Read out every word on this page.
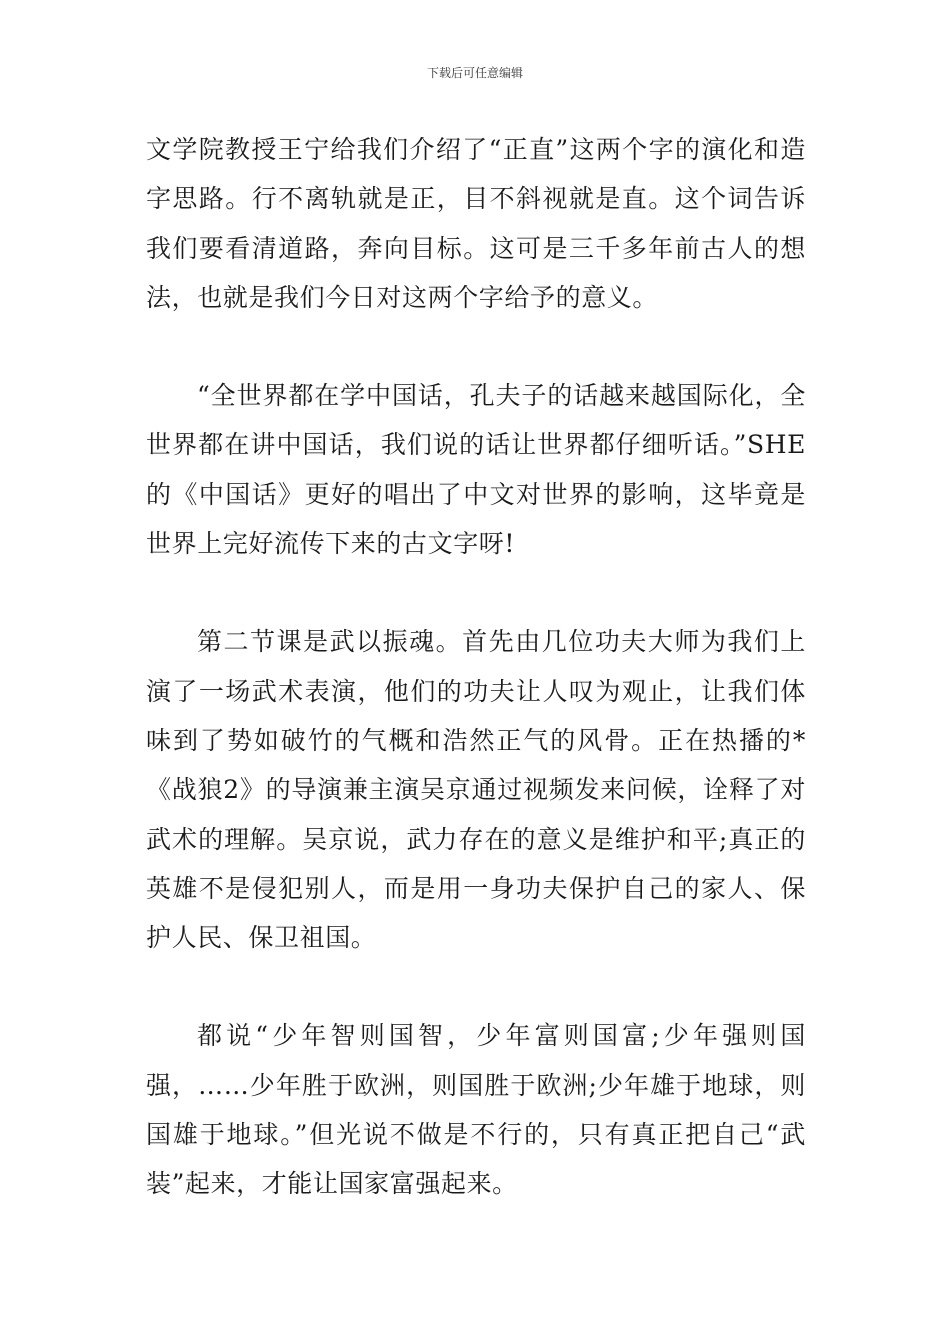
下载后可任意编辑

文学院教授王宁给我们介绍了“正直”这两个字的演化和造字思路。行不离轨就是正，目不斜视就是直。这个词告诉我们要看清道路，奔向目标。这可是三千多年前古人的想法，也就是我们今日对这两个字给予的意义。

“全世界都在学中国话，孔夫子的话越来越国际化，全世界都在讲中国话，我们说的话让世界都仔细听话。”SHE的《中国话》更好的唱出了中文对世界的影响，这毕竟是世界上完好流传下来的古文字呀!

第二节课是武以振魂。首先由几位功夫大师为我们上演了一场武术表演，他们的功夫让人叹为观止，让我们体味到了势如破竹的气概和浩然正气的风骨。正在热播的*《战狼2》的导演兼主演吴京通过视频发来问候，诠释了对武术的理解。吴京说，武力存在的意义是维护和平;真正的英雄不是侵犯别人，而是用一身功夫保护自己的家人、保护人民、保卫祖国。

都说“少年智则国智，少年富则国富;少年强则国强，……少年胜于欧洲，则国胜于欧洲;少年雄于地球，则国雄于地球。”但光说不做是不行的，只有真正把自己“武装”起来，才能让国家富强起来。
